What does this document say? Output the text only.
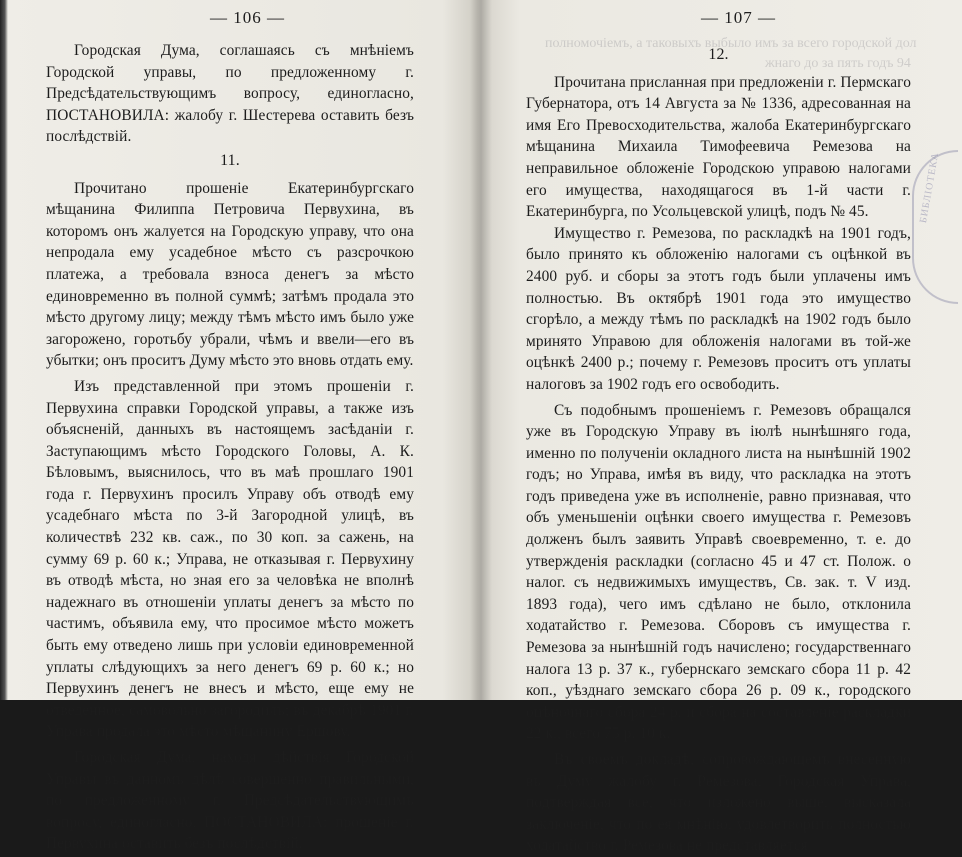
— 106 —	— 107 —
полномочiемъ, а таковыхъ выбыло имъ за всего городской дол
жнаго до за пять годъ 94

Городская Дума, соглашаясь съ мнѣніемъ Городской управы, по предложенному г. Предсѣдательствующимъ вопросу, единогласно, ПОСТАНОВИЛА: жалобу г. Шестерева оставить безъ послѣдствій.

11.

Прочитано прошеніе Екатеринбургскаго мѣщанина Филиппа Петровича Первухина, въ которомъ онъ жалуется на Городскую управу, что она непродала ему усадебное мѣсто съ разсрочкою платежа, а требовала взноса денегъ за мѣсто единовременно въ полной суммѣ; затѣмъ продала это мѣсто другому лицу; между тѣмъ мѣсто имъ было уже загорожено, горотьбу убрали, чѣмъ и ввели—его въ убытки; онъ проситъ Думу мѣсто это вновь отдать ему.

Изъ представленной при этомъ прошеніи г. Первухина справки Городской управы, а также изъ объясненій, данныхъ въ настоящемъ засѣданіи г. Заступающимъ мѣсто Городского Головы, А. К. Бѣловымъ, выяснилось, что въ маѣ прошлаго 1901 года г. Первухинъ просилъ Управу объ отводѣ ему усадебнаго мѣста по 3-й Загородной улицѣ, въ количествѣ 232 кв. саж., по 30 коп. за сажень, на сумму 69 р. 60 к.; Управа, не отказывая г. Первухину въ отводѣ мѣста, но зная его за человѣка не вполнѣ надежнаго въ отношеніи уплаты денегъ за мѣсто по частимъ, объявила ему, что просимое мѣсто можетъ быть ему отведено лишь при условіи единовременной уплаты слѣдующихъ за него денегъ 69 р. 60 к.; но Первухинъ денегъ не внесъ и мѣсто, еще ему не отведенное, самовольно загородилъ; въ декабрѣ 1901 г. Управа продала это мѣсто мѣщанину Ершову.

Городская Дума, находя дѣйствія Городской Управы въ данномъ дѣлѣ совершенно правильными, по предложенному г. Предсѣдательствующимъ вопросу, единогласно, ПОСТАНОВИЛА: прошеніе г. Первухина оставить безъ послѣдствій.

12.

Прочитана присланная при предложеніи г. Пермскаго Губернатора, отъ 14 Августа за № 1336, адресованная на имя Его Превосходительства, жалоба Екатеринбургскаго мѣщанина Михаила Тимофеевича Ремезова на неправильное обложеніе Городскою управою налогами его имущества, находящагося въ 1-й части г. Екатеринбурга, по Усольцевской улицѣ, подъ № 45.

Имущество г. Ремезова, по раскладкѣ на 1901 годъ, было принято къ обложенію налогами съ оцѣнкой въ 2400 руб. и сборы за этотъ годъ были уплачены имъ полностью. Въ октябрѣ 1901 года это имущество сгорѣло, а между тѣмъ по раскладкѣ на 1902 годъ было мринято Управою для обложенія налогами въ той-же оцѣнкѣ 2400 р.; почему г. Ремезовъ проситъ отъ уплаты налоговъ за 1902 годъ его освободить.

Съ подобнымъ прошеніемъ г. Ремезовъ обращался уже въ Городскую Управу въ іюлѣ нынѣшняго года, именно по полученіи окладного листа на нынѣшній 1902 годъ; но Управа, имѣя въ виду, что раскладка на этотъ годъ приведена уже въ исполненіе, равно признавая, что объ уменьшеніи оцѣнки своего имущества г. Ремезовъ долженъ былъ заявить Управѣ своевременно, т. е. до утвержденія раскладки (согласно 45 и 47 ст. Полож. о налог. съ недвижимыхъ имуществъ, Св. зак. т. V изд. 1893 года), чего имъ сдѣлано не было, отклонила ходатайство г. Ремезова. Сборовъ съ имущества г. Ремезова за нынѣшній годъ начислено; государственнаго налога 13 р. 37 к., губернскаго земскаго сбора 11 р. 42 коп., уѣзднаго земскаго сбора 26 р. 09 к., городского оцѣночнаго сбора 24 р. и сбора на составленіе раскладки 22 к., всего 75 р. 10 к.

Въ своемъ докладѣ, сопровождающемъ внесенную въ Думу жалобу г. Ремезова, Городская Управа, подтверждая все, что изложено выше, высказала заключеніе, что по ея мнѣнію, удовлетворить полностью ходатайство г. Ремезова не представляется

БИБЛІОТЕКА
